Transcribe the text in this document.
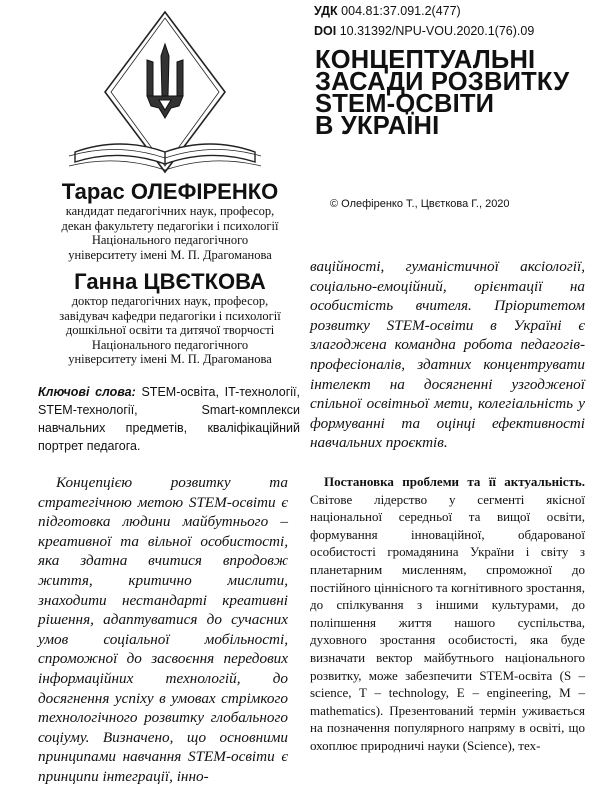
УДК 004.81:37.091.2(477)
DOI 10.31392/NPU-VOU.2020.1(76).09
КОНЦЕПТУАЛЬНІ
ЗАСАДИ РОЗВИТКУ
STEM-ОСВІТИ
В УКРАЇНІ
© Олефіренко Т., Цвєткова Г., 2020
Тарас ОЛЕФІРЕНКО
кандидат педагогічних наук, професор,
декан факультету педагогіки і психології
Національного педагогічного
університету імені М. П. Драгоманова
Ганна ЦВЄТКОВА
доктор педагогічних наук, професор,
завідувач кафедри педагогіки і психології
дошкільної освіти та дитячої творчості
Національного педагогічного
університету імені М. П. Драгоманова
Ключові слова: STEM-освіта, IT-технології, STEM-технології, Smart-комплекси навчальних предметів, кваліфікаційний портрет педагога.

Концепцією розвитку та стратегічною метою STEM-освіти є підготовка людини майбутнього – креативної та вільної особистості, яка здатна вчитися впродовж життя, критично мислити, знаходити нестандарті креативні рішення, адаптуватися до сучасних умов соціальної мобільності, спроможної до засвоєння передових інформаційних технологій, до досягнення успіху в умовах стрімкого технологічного розвитку глобального соціуму. Визначено, що основними принципами навчання STEM-освіти є принципи інтеграції, інно-

ваційності, гуманістичної аксіології, соціально-емоційний, орієнтації на особистість вчителя. Пріоритетом розвитку STEM-освіти в Україні є злагоджена командна робота педагогів-професіоналів, здатних концентрувати інтелект на досягненні узгодженої спільної освітньої мети, колегіальність у формуванні та оцінці ефективності навчальних проєктів.

Постановка проблеми та її актуальність. Світове лідерство у сегменті якісної національної середньої та вищої освіти, формування інноваційної, обдарованої особистості громадянина України і світу з планетарним мисленням, спроможної до постійного ціннісного та когнітивного зростання, до спілкування з іншими культурами, до поліпшення життя нашого суспільства, духовного зростання особистості, яка буде визначати вектор майбутнього національного розвитку, може забезпечити STEM-освіта (S – science, T – technology, E – engineering, M – mathematics). Презентований термін уживається на позначення популярного напряму в освіті, що охоплює природничі науки (Science), тех-
